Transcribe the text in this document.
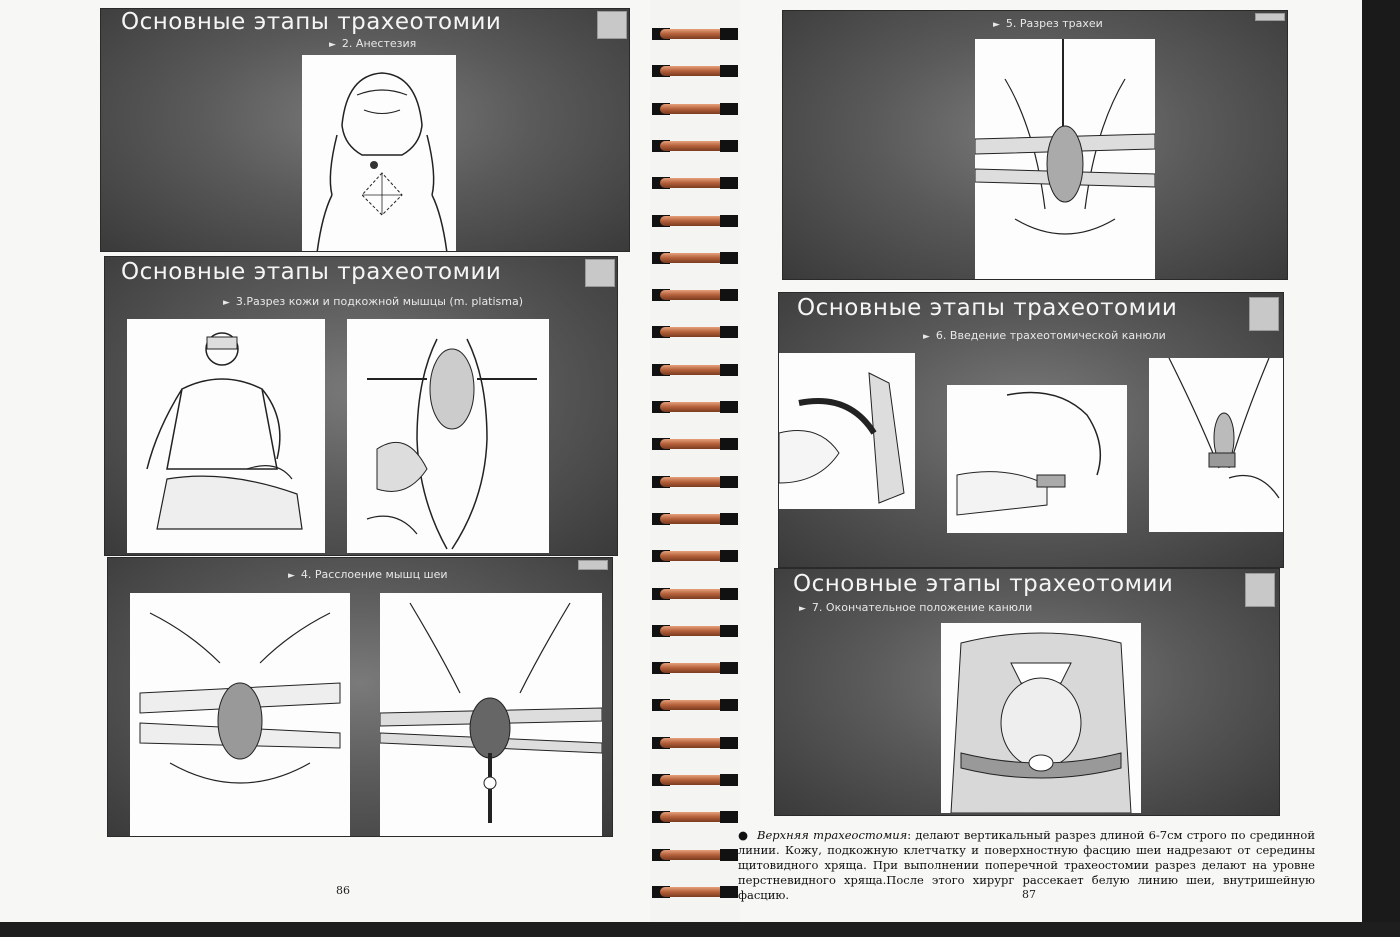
Основные этапы трахеотомии
► 2. Анестезия
Основные этапы трахеотомии
► 3.Разрез кожи и подкожной мышцы (m. platisma)
► 4. Расслоение мышц шеи
86
► 5. Разрез трахеи
Основные этапы трахеотомии
► 6. Введение трахеотомической канюли
Основные этапы трахеотомии
► 7. Окончательное положение канюли
● Верхняя трахеостомия: делают вертикальный разрез длиной 6-7см строго по срединной линии. Кожу, подкожную клетчатку и поверхностную фасцию шеи надрезают от середины щитовидного хряща. При выполнении поперечной трахеостомии разрез делают на уровне перстневидного хряща.После этого хирург рассекает белую линию шеи, внутришейную фасцию.	87
